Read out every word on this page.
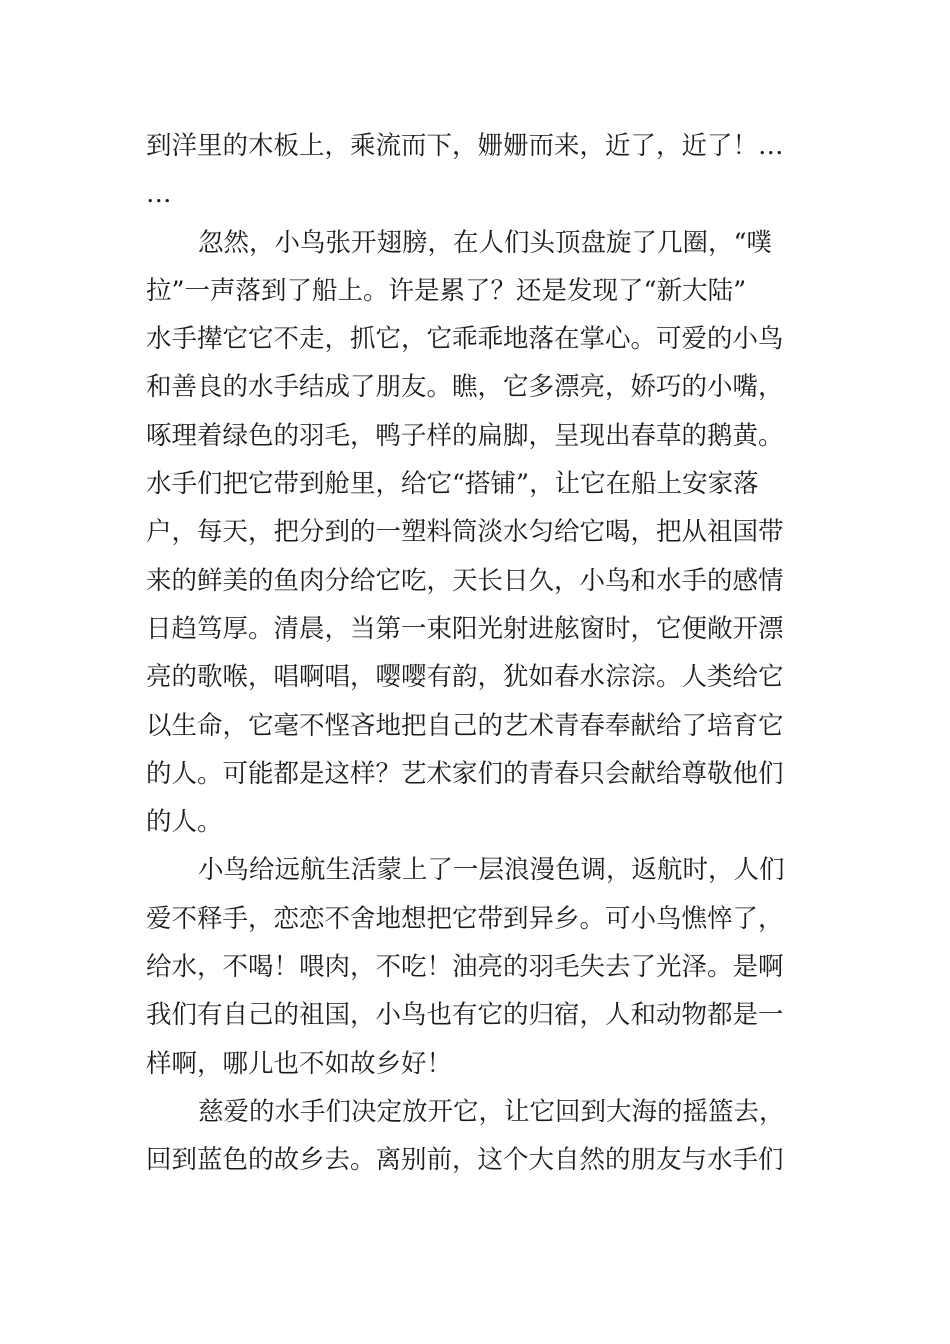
到洋里的木板上，乘流而下，姗姗而来，近了，近了！…
…
忽然，小鸟张开翅膀，在人们头顶盘旋了几圈，“噗
拉”一声落到了船上。许是累了？还是发现了“新大陆”
水手撵它它不走，抓它，它乖乖地落在掌心。可爱的小鸟
和善良的水手结成了朋友。瞧，它多漂亮，娇巧的小嘴，
啄理着绿色的羽毛，鸭子样的扁脚，呈现出春草的鹅黄。
水手们把它带到舱里，给它“搭铺”，让它在船上安家落
户，每天，把分到的一塑料筒淡水匀给它喝，把从祖国带
来的鲜美的鱼肉分给它吃，天长日久，小鸟和水手的感情
日趋笃厚。清晨，当第一束阳光射进舷窗时，它便敞开漂
亮的歌喉，唱啊唱，嘤嘤有韵，犹如春水淙淙。人类给它
以生命，它毫不悭吝地把自己的艺术青春奉献给了培育它
的人。可能都是这样？艺术家们的青春只会献给尊敬他们
的人。
小鸟给远航生活蒙上了一层浪漫色调，返航时，人们
爱不释手，恋恋不舍地想把它带到异乡。可小鸟憔悴了，
给水，不喝！喂肉，不吃！油亮的羽毛失去了光泽。是啊
我们有自己的祖国，小鸟也有它的归宿，人和动物都是一
样啊，哪儿也不如故乡好！
慈爱的水手们决定放开它，让它回到大海的摇篮去，
回到蓝色的故乡去。离别前，这个大自然的朋友与水手们
